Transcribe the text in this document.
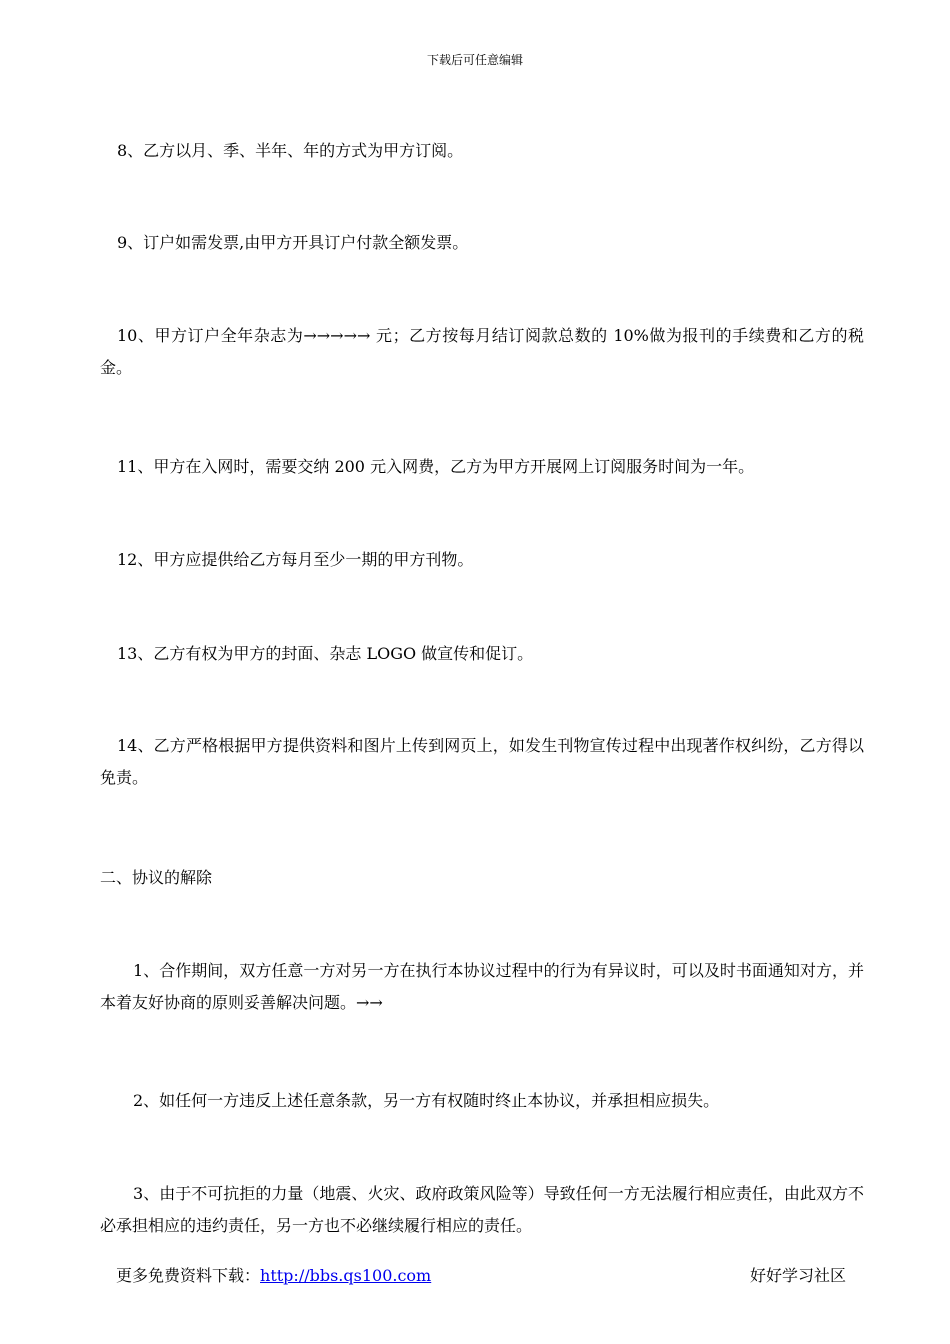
下载后可任意编辑
8、乙方以月、季、半年、年的方式为甲方订阅。
9、订户如需发票,由甲方开具订户付款全额发票。
10、甲方订户全年杂志为→→→→→ 元；乙方按每月结订阅款总数的 10%做为报刊的手续费和乙方的税金。
11、甲方在入网时，需要交纳 200 元入网费，乙方为甲方开展网上订阅服务时间为一年。
12、甲方应提供给乙方每月至少一期的甲方刊物。
13、乙方有权为甲方的封面、杂志 LOGO 做宣传和促订。
14、乙方严格根据甲方提供资料和图片上传到网页上，如发生刊物宣传过程中出现著作权纠纷，乙方得以免责。
二、协议的解除
1、合作期间，双方任意一方对另一方在执行本协议过程中的行为有异议时，可以及时书面通知对方，并本着友好协商的原则妥善解决问题。→→
2、如任何一方违反上述任意条款，另一方有权随时终止本协议，并承担相应损失。
3、由于不可抗拒的力量（地震、火灾、政府政策风险等）导致任何一方无法履行相应责任，由此双方不必承担相应的违约责任，另一方也不必继续履行相应的责任。
更多免费资料下载：http://bbs.qs100.com	好好学习社区
